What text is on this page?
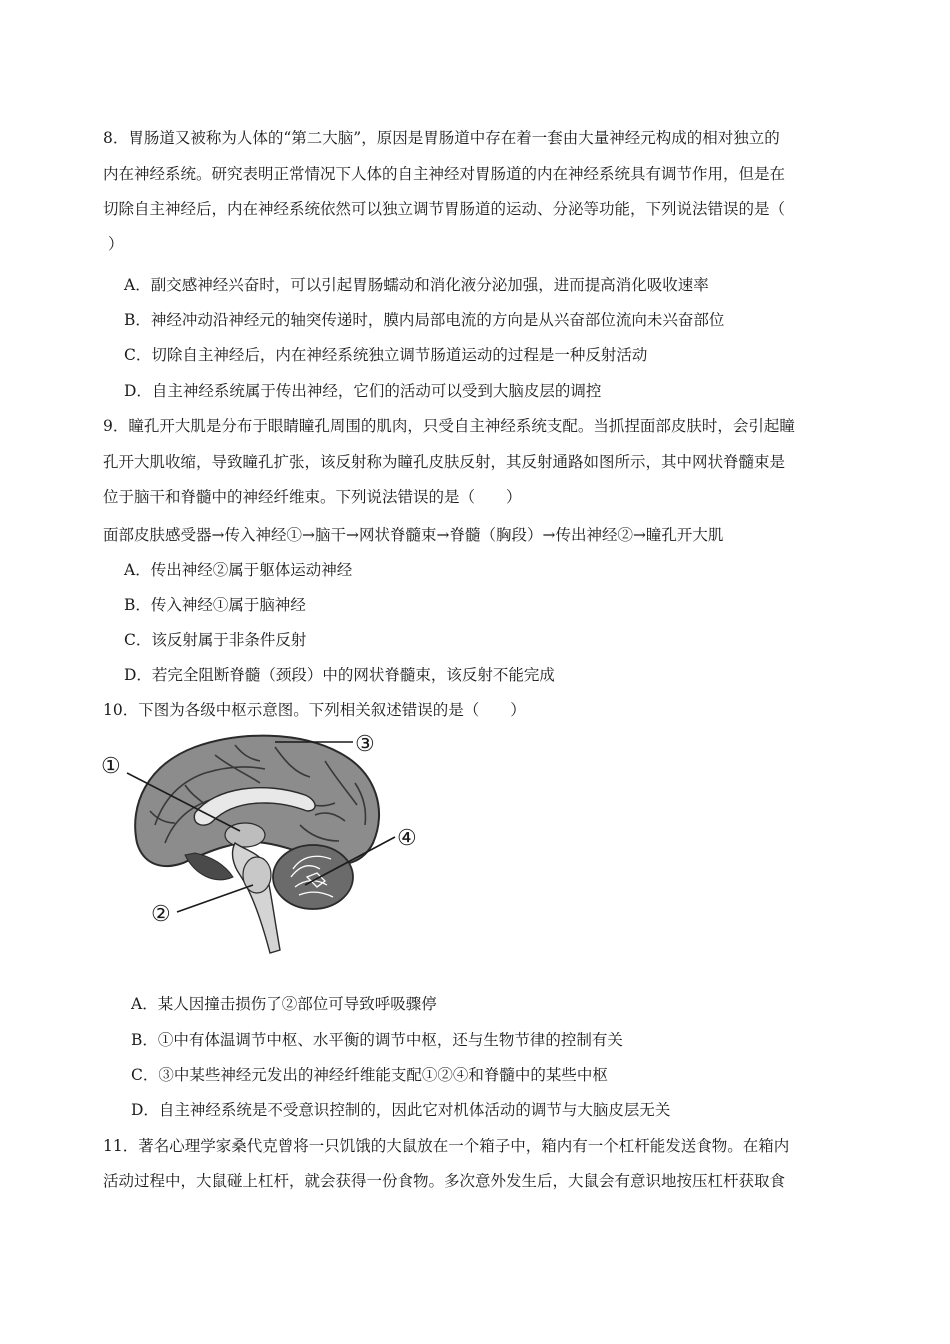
8．胃肠道又被称为人体的“第二大脑”，原因是胃肠道中存在着一套由大量神经元构成的相对独立的
内在神经系统。研究表明正常情况下人体的自主神经对胃肠道的内在神经系统具有调节作用，但是在
切除自主神经后，内在神经系统依然可以独立调节胃肠道的运动、分泌等功能，下列说法错误的是（
）
A．副交感神经兴奋时，可以引起胃肠蠕动和消化液分泌加强，进而提高消化吸收速率
B．神经冲动沿神经元的轴突传递时，膜内局部电流的方向是从兴奋部位流向未兴奋部位
C．切除自主神经后，内在神经系统独立调节肠道运动的过程是一种反射活动
D．自主神经系统属于传出神经，它们的活动可以受到大脑皮层的调控
9．瞳孔开大肌是分布于眼睛瞳孔周围的肌肉，只受自主神经系统支配。当抓捏面部皮肤时，会引起瞳
孔开大肌收缩，导致瞳孔扩张，该反射称为瞳孔皮肤反射，其反射通路如图所示，其中网状脊髓束是
位于脑干和脊髓中的神经纤维束。下列说法错误的是（　　）
面部皮肤感受器→传入神经①→脑干→网状脊髓束→脊髓（胸段）→传出神经②→瞳孔开大肌
A．传出神经②属于躯体运动神经
B．传入神经①属于脑神经
C．该反射属于非条件反射
D．若完全阻断脊髓（颈段）中的网状脊髓束，该反射不能完成
10．下图为各级中枢示意图。下列相关叙述错误的是（　　）
①
②
③
④
A．某人因撞击损伤了②部位可导致呼吸骤停
B．①中有体温调节中枢、水平衡的调节中枢，还与生物节律的控制有关
C．③中某些神经元发出的神经纤维能支配①②④和脊髓中的某些中枢
D．自主神经系统是不受意识控制的，因此它对机体活动的调节与大脑皮层无关
11．著名心理学家桑代克曾将一只饥饿的大鼠放在一个箱子中，箱内有一个杠杆能发送食物。在箱内
活动过程中，大鼠碰上杠杆，就会获得一份食物。多次意外发生后，大鼠会有意识地按压杠杆获取食
